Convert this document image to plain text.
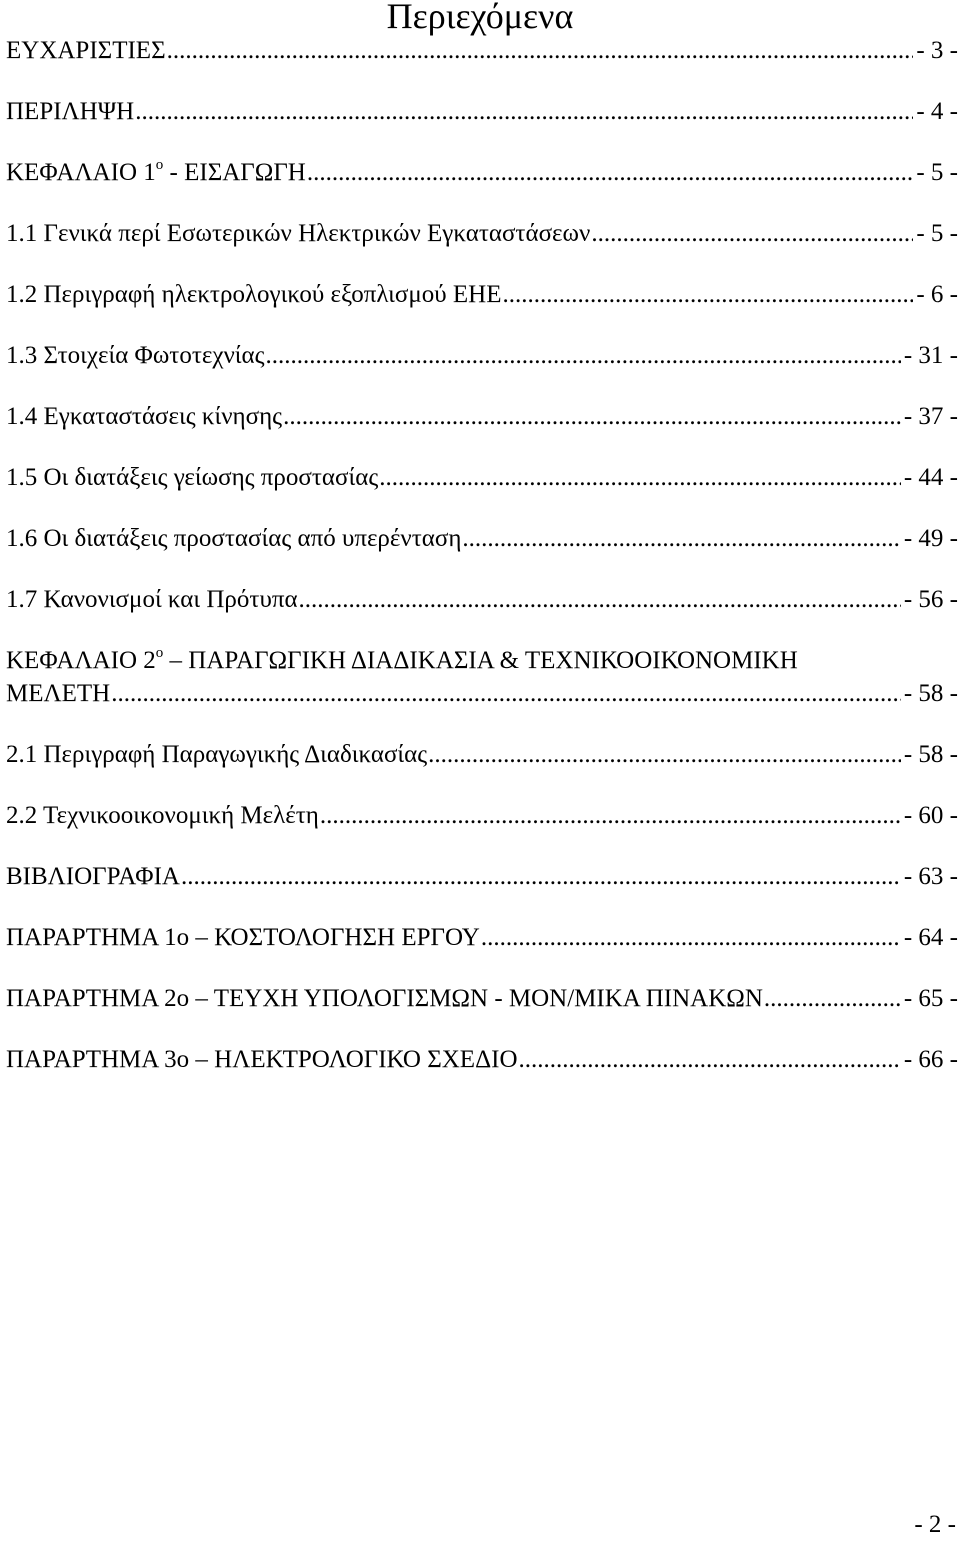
Περιεχόμενα
ΕΥΧΑΡΙΣΤΙΕΣ .....	- 3 -
ΠΕΡΙΛΗΨΗ .....	- 4 -
ΚΕΦΑΛΑΙΟ $1^o$ - ΕΙΣΑΓΩΓΗ .....	- 5 -
1.1 Γενικά περί Εσωτερικών Ηλεκτρικών Εγκαταστάσεων .....	- 5 -
1.2 Περιγραφή ηλεκτρολογικού εξοπλισμού ΕΗΕ .....	- 6 -
1.3 Στοιχεία Φωτοτεχνίας .....	- 31 -
1.4 Εγκαταστάσεις κίνησης .....	- 37 -
1.5 Οι διατάξεις γείωσης προστασίας .....	- 44 -
1.6 Οι διατάξεις προστασίας από υπερένταση .....	- 49 -
1.7 Κανονισμοί και Πρότυπα .....	- 56 -
ΚΕΦΑΛΑΙΟ $2^o$ – ΠΑΡΑΓΩΓΙΚΗ ΔΙΑΔΙΚΑΣΙΑ & ΤΕΧΝΙΚΟΟΙΚΟΝΟΜΙΚΗ
ΜΕΛΕΤΗ .....	- 58 -
2.1 Περιγραφή Παραγωγικής Διαδικασίας .....	- 58 -
2.2 Τεχνικοοικονομική Μελέτη .....	- 60 -
ΒΙΒΛΙΟΓΡΑΦΙΑ .....	- 63 -
ΠΑΡΑΡΤΗΜΑ 1ο – ΚΟΣΤΟΛΟΓΗΣΗ ΕΡΓΟΥ .....	- 64 -
ΠΑΡΑΡΤΗΜΑ 2ο – ΤΕΥΧΗ ΥΠΟΛΟΓΙΣΜΩΝ - ΜΟΝ/ΜΙΚΑ ΠΙΝΑΚΩΝ .....	- 65 -
ΠΑΡΑΡΤΗΜΑ 3ο – ΗΛΕΚΤΡΟΛΟΓΙΚΟ ΣΧΕΔΙΟ .....	- 66 -
- 2 -
